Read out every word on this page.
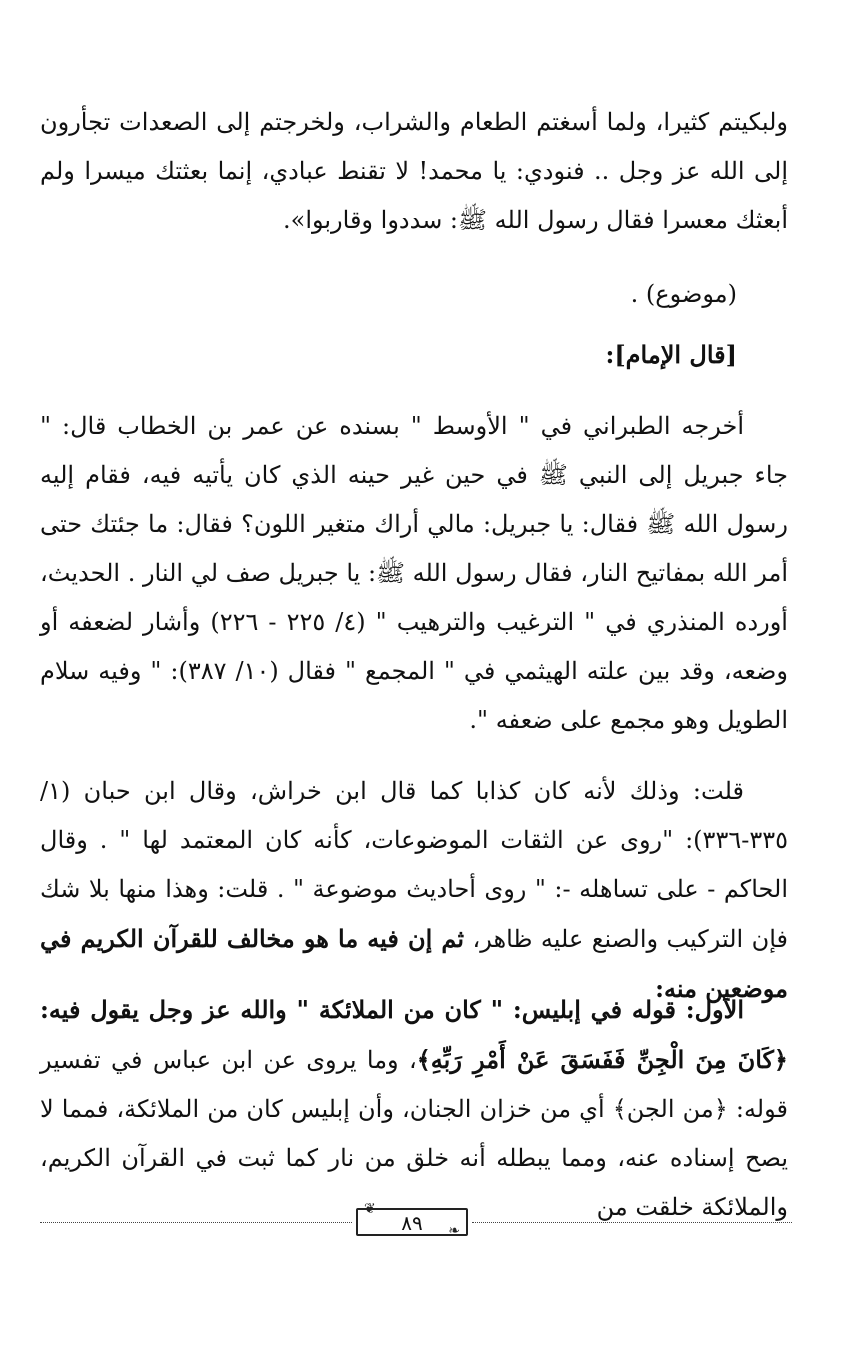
ولبكيتم كثيرا، ولما أسغتم الطعام والشراب، ولخرجتم إلى الصعدات تجأرون إلى الله عز وجل .. فنودي: يا محمد! لا تقنط عبادي، إنما بعثتك ميسرا ولم أبعثك معسرا فقال رسول الله ﷺ: سددوا وقاربوا».

(موضوع) .

[قال الإمام]:

أخرجه الطبراني في " الأوسط " بسنده عن عمر بن الخطاب قال: " جاء جبريل إلى النبي ﷺ في حين غير حينه الذي كان يأتيه فيه، فقام إليه رسول الله ﷺ فقال: يا جبريل: مالي أراك متغير اللون؟ فقال: ما جئتك حتى أمر الله بمفاتيح النار، فقال رسول الله ﷺ: يا جبريل صف لي النار . الحديث، أورده المنذري في " الترغيب والترهيب " (٤/ ٢٢٥ - ٢٢٦) وأشار لضعفه أو وضعه، وقد بين علته الهيثمي في " المجمع " فقال (١٠/ ٣٨٧): " وفيه سلام الطويل وهو مجمع على ضعفه ".

قلت: وذلك لأنه كان كذابا كما قال ابن خراش، وقال ابن حبان (١/ ٣٣٥-٣٣٦): "روى عن الثقات الموضوعات، كأنه كان المعتمد لها " . وقال الحاكم - على تساهله -: " روى أحاديث موضوعة " . قلت: وهذا منها بلا شك فإن التركيب والصنع عليه ظاهر، ثم إن فيه ما هو مخالف للقرآن الكريم في موضعين منه:

الأول: قوله في إبليس: " كان من الملائكة " والله عز وجل يقول فيه: ﴿كَانَ مِنَ الْجِنِّ فَفَسَقَ عَنْ أَمْرِ رَبِّهِ﴾، وما يروى عن ابن عباس في تفسير قوله: ﴿من الجن﴾ أي من خزان الجنان، وأن إبليس كان من الملائكة، فمما لا يصح إسناده عنه، ومما يبطله أنه خلق من نار كما ثبت في القرآن الكريم، والملائكة خلقت من

❦
٨٩	❧
